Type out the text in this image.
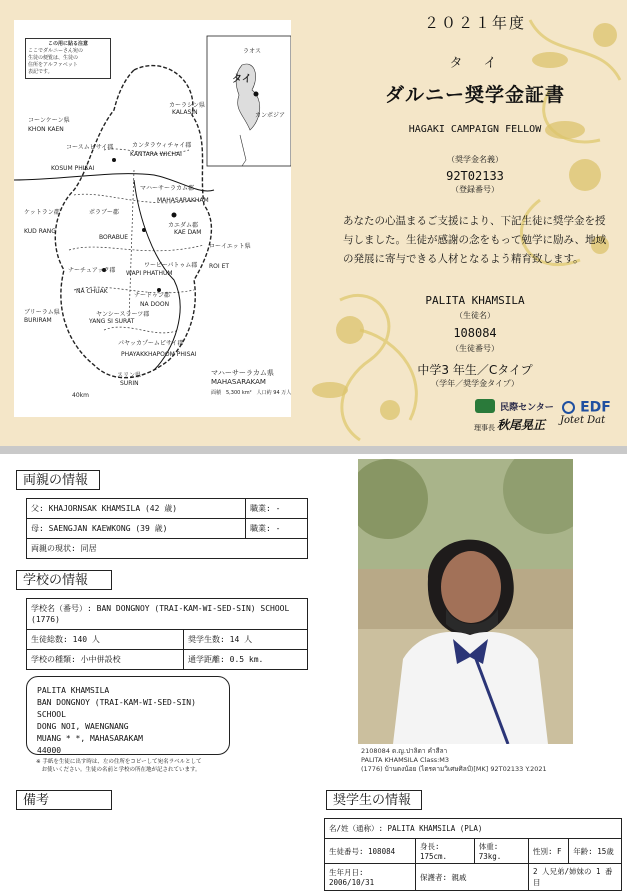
この用に貼る注意
ここでダルニーさん宛の
生徒の便覧は、生徒の
住所をアルファベット
表記です。
ラオス
タイ
カンボジア
カーラシン県
KALASIN
コーンケーン県
KHON KAEN
カンタラウィチャイ郡
KANTARA WICHAI
コースムピサイ郡
KOSUM PHISAI
マハーサーラカム郡
MAHASARAKHAM
ケットラン郡
KUD RANG
ボラブー郡
BORABUE
カエダム郡
KAE DAM
ローイエット県
ROI ET
ナーチュアック郡
NA CHUAK
ワーピーパトゥム郡
WAPI PHATHUM
ナードゥン郡
NA DOON
ブリーラム県
BURIRAM
ヤンシースラーツ郡
YANG SI SURAT
パヤッカプームピサイ郡
PHAYAKKHAPOOM PHISAI
スリン県
SURIN
マハーサーラカム県
MAHASARAKAM
面積　5,300 km²　人口約 94 万人
40km
２０２１年度
タ　イ
ダルニー奨学金証書
HAGAKI CAMPAIGN FELLOW
（奨学金名義）
92T02133
（登録番号）
あなたの心温まるご支援により、下記生徒に奨学金を授
与しました。生徒が感謝の念をもって勉学に励み、地域
の発展に寄与できる人材となるよう精育致します。
PALITA KHAMSILA
（生徒名）
108084
（生徒番号）
中学3 年生／Cタイプ
（学年／奨学金タイプ）
民際センター
理事長 秋尾晃正
EDF
Jotet Dat
両親の情報
父: KHAJORNSAK KHAMSILA (42 歳)	職業: -
母: SAENGJAN KAEWKONG (39 歳)	職業: -
両親の現状: 同居	
学校の情報
学校名（番号）: BAN DONGNOY (TRAI-KAM-WI-SED-SIN) SCHOOL (1776)	
生徒総数: 140 人	奨学生数: 14 人
学校の種類: 小中併設校	通学距離: 0.5 km.
PALITA KHAMSILA
BAN DONGNOY (TRAI-KAM-WI-SED-SIN) SCHOOL
DONG NOI, WAENGNANG
MUANG * *, MAHASARAKAM
44000
※ 手紙を生徒に出す時は、左の住所をコピーして宛名ラベルとして
　お使いください。生徒の名前と学校の所在地が記されています。
備考
2108084 ด.ญ.ปาลิตา คำสีลา
PALITA KHAMSILA Class:M3
(1776) บ้านดงน้อย (ไตรคามวิเศษศิลป์)[MK] 92T02133 Y.2021
奨学生の情報
名/姓（通称）: PALITA KHAMSILA (PLA)				
生徒番号: 108084	身長: 175cm.	体重: 73kg.	性別: F	年齢: 15歳
生年月日: 2006/10/31	保護者: 親戚		2 人兄弟/姉妹の 1 番目	
